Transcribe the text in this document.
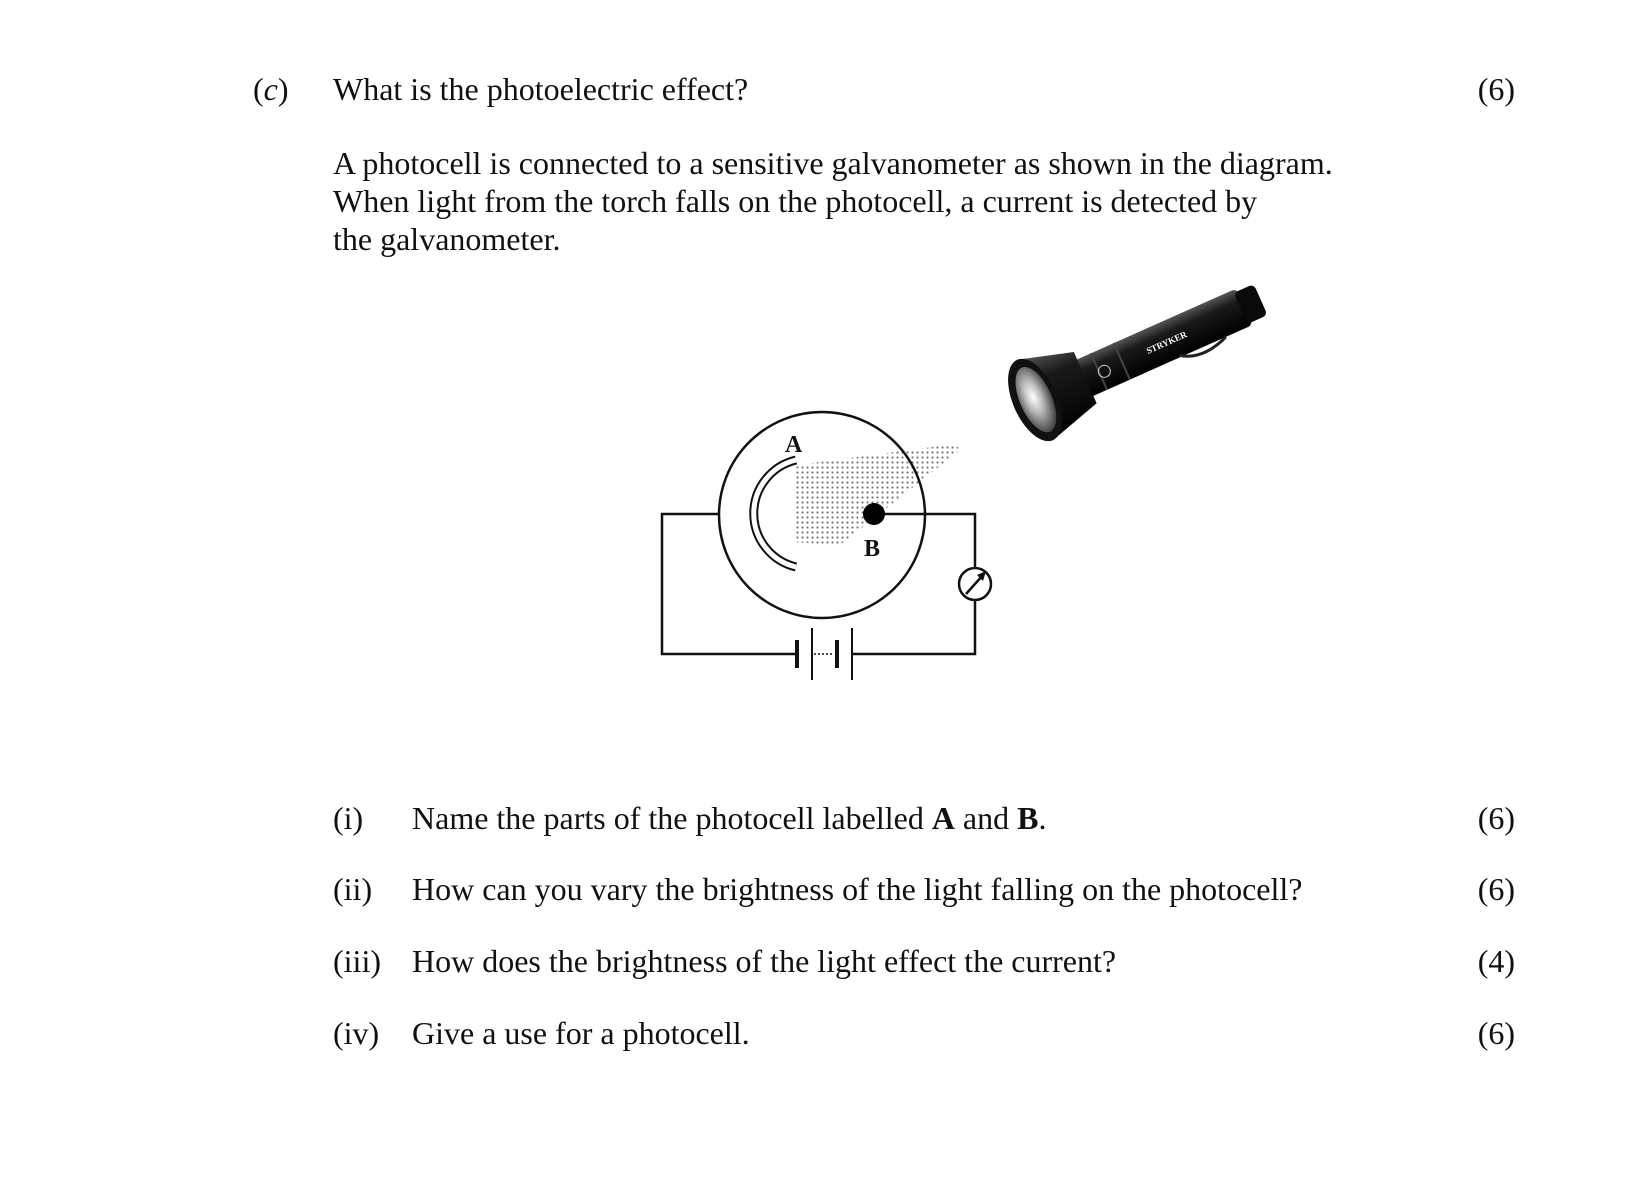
(c) What is the photoelectric effect?	(6)
A photocell is connected to a sensitive galvanometer as shown in the diagram.
When light from the torch falls on the photocell, a current is detected by
the galvanometer.
A
B
STRYKER
(i) Name the parts of the photocell labelled A and B.	(6)
(ii) How can you vary the brightness of the light falling on the photocell?	(6)
(iii) How does the brightness of the light effect the current?	(4)
(iv) Give a use for a photocell.	(6)
